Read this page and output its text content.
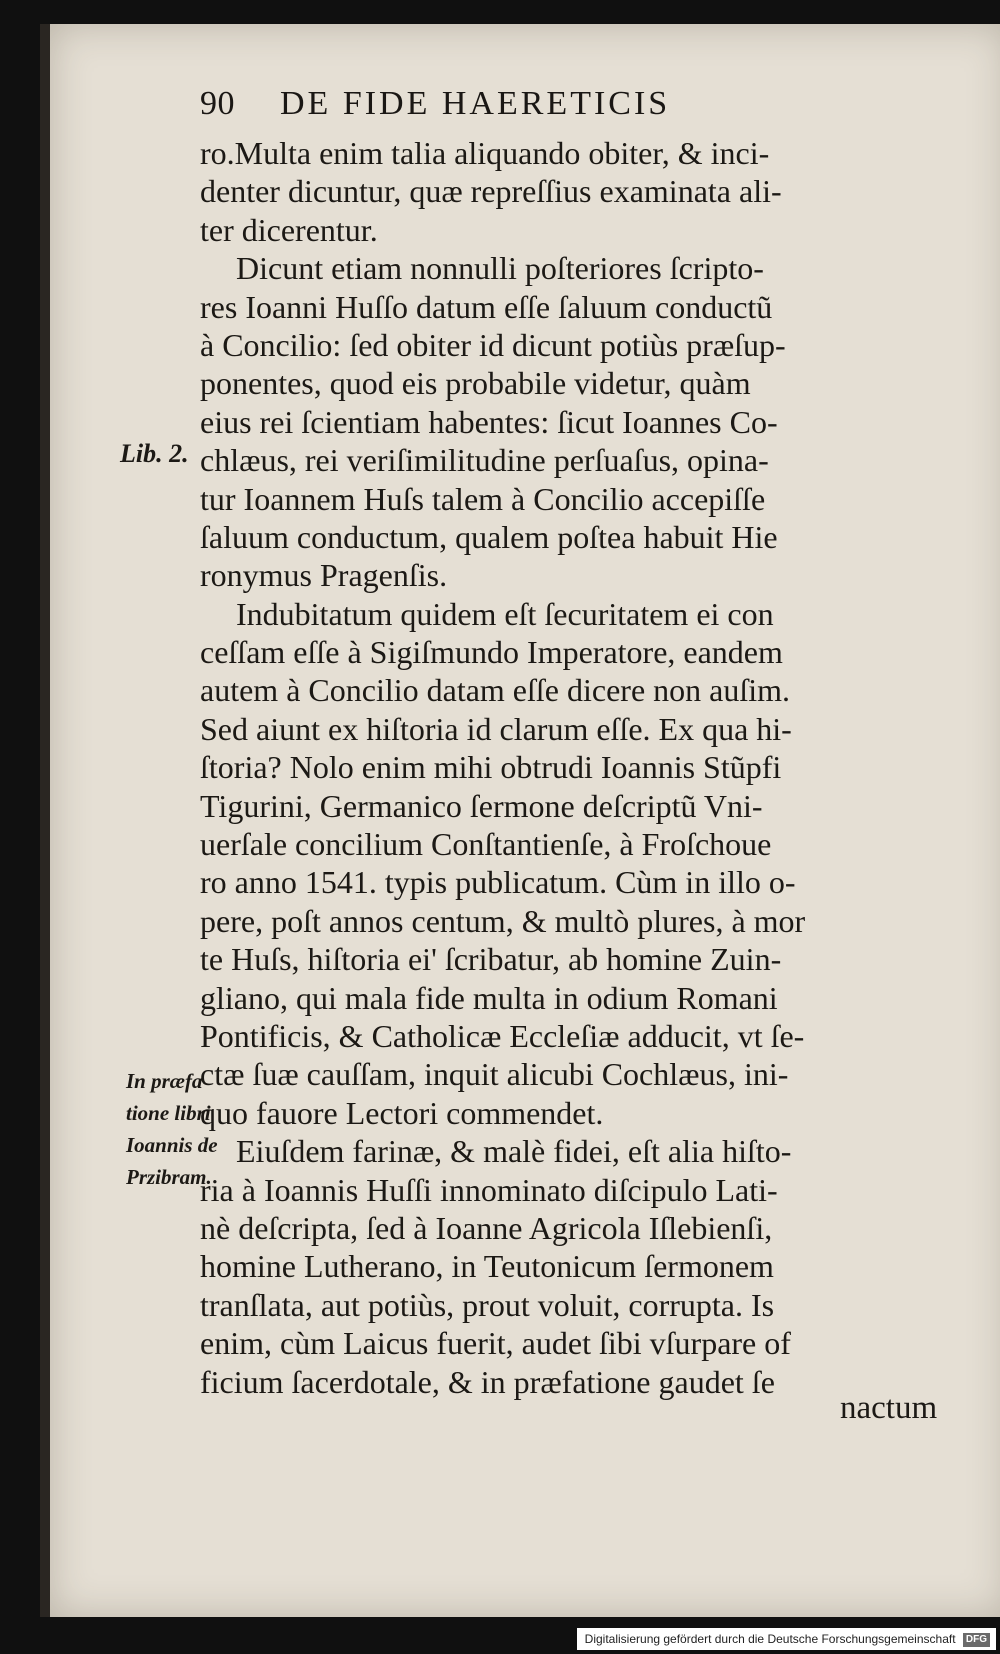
90 DE FIDE HAERETICIS
Lib. 2.
In præfa
tione libri
Ioannis de
Przibram.
ro.Multa enim talia aliquando obiter, & inci-
denter dicuntur, quæ repreſſius examinata ali-
ter dicerentur.
Dicunt etiam nonnulli poſteriores ſcripto-
res Ioanni Huſſo datum eſſe ſaluum conductũ
à Concilio: ſed obiter id dicunt potiùs præſup-
ponentes, quod eis probabile videtur, quàm
eius rei ſcientiam habentes: ſicut Ioannes Co-
chlæus, rei veriſimilitudine perſuaſus, opina-
tur Ioannem Huſs talem à Concilio accepiſſe
ſaluum conductum, qualem poſtea habuit Hie
ronymus Pragenſis.
Indubitatum quidem eſt ſecuritatem ei con
ceſſam eſſe à Sigiſmundo Imperatore, eandem
autem à Concilio datam eſſe dicere non auſim.
Sed aiunt ex hiſtoria id clarum eſſe. Ex qua hi-
ſtoria? Nolo enim mihi obtrudi Ioannis Stũpfi
Tigurini, Germanico ſermone deſcriptũ Vni-
uerſale concilium Conſtantienſe, à Froſchoue
ro anno 1541. typis publicatum. Cùm in illo o-
pere, poſt annos centum, & multò plures, à mor
te Huſs, hiſtoria ei' ſcribatur, ab homine Zuin-
gliano, qui mala fide multa in odium Romani
Pontificis, & Catholicæ Eccleſiæ adducit, vt ſe-
ctæ ſuæ cauſſam, inquit alicubi Cochlæus, ini-
quo fauore Lectori commendet.
Eiuſdem farinæ, & malè fidei, eſt alia hiſto-
ria à Ioannis Huſſi innominato diſcipulo Lati-
nè deſcripta, ſed à Ioanne Agricola Iſlebienſi,
homine Lutherano, in Teutonicum ſermonem
tranſlata, aut potiùs, prout voluit, corrupta. Is
enim, cùm Laicus fuerit, audet ſibi vſurpare of
ficium ſacerdotale, & in præfatione gaudet ſe
nactum
Digitalisierung gefördert durch die Deutsche Forschungsgemeinschaft DFG
